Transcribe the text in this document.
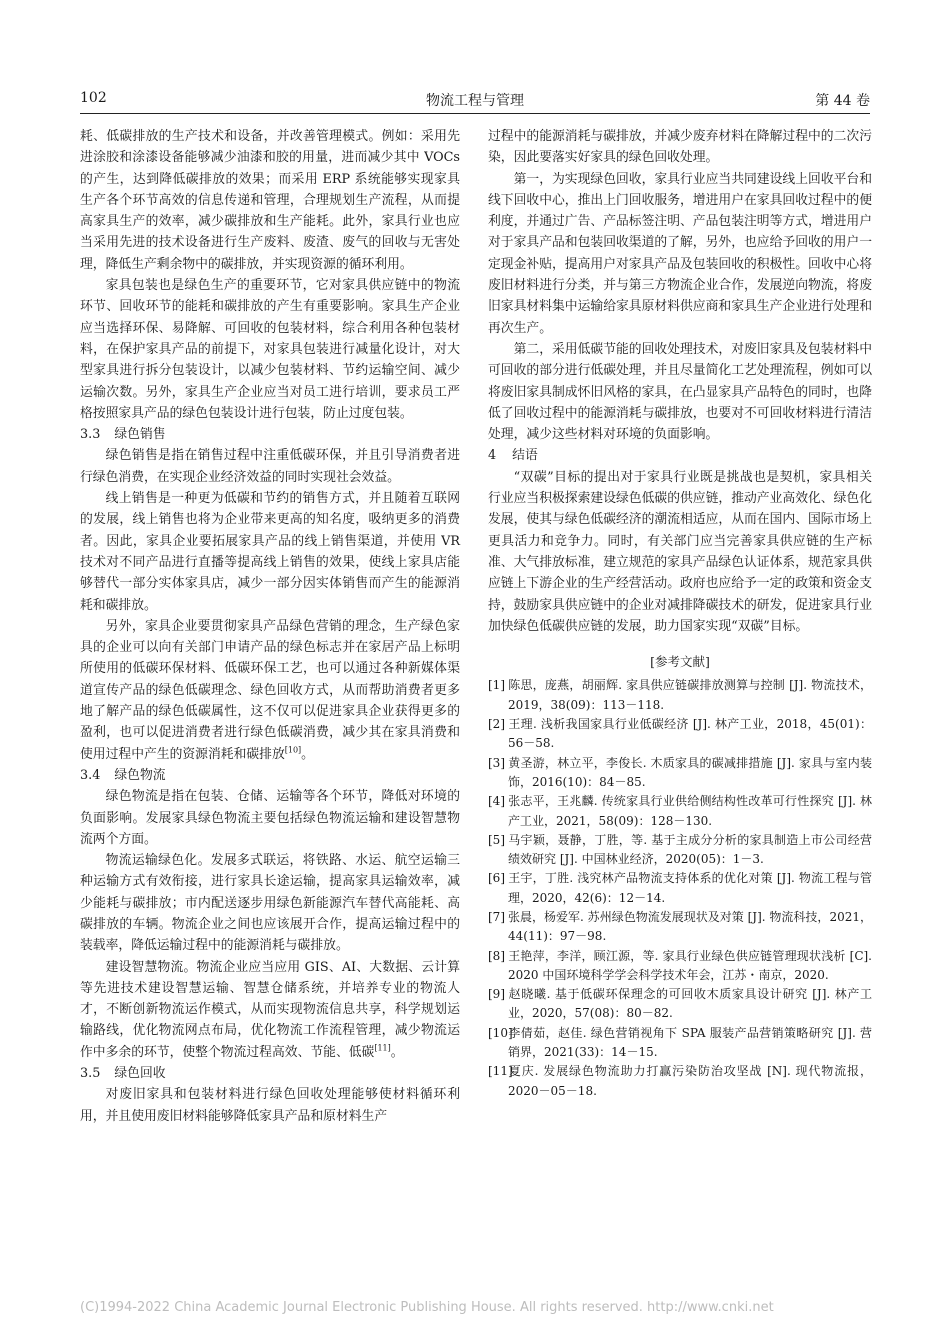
102	物流工程与管理	第 44 卷

耗、低碳排放的生产技术和设备，并改善管理模式。例如：采用先进涂胶和涂漆设备能够减少油漆和胶的用量，进而减少其中 VOCs 的产生，达到降低碳排放的效果；而采用 ERP 系统能够实现家具生产各个环节高效的信息传递和管理，合理规划生产流程，从而提高家具生产的效率，减少碳排放和生产能耗。此外，家具行业也应当采用先进的技术设备进行生产废料、废渣、废气的回收与无害处理，降低生产剩余物中的碳排放，并实现资源的循环利用。

家具包装也是绿色生产的重要环节，它对家具供应链中的物流环节、回收环节的能耗和碳排放的产生有重要影响。家具生产企业应当选择环保、易降解、可回收的包装材料，综合利用各种包装材料，在保护家具产品的前提下，对家具包装进行减量化设计，对大型家具进行拆分包装设计，以减少包装材料、节约运输空间、减少运输次数。另外，家具生产企业应当对员工进行培训，要求员工严格按照家具产品的绿色包装设计进行包装，防止过度包装。

3.3 绿色销售

绿色销售是指在销售过程中注重低碳环保，并且引导消费者进行绿色消费，在实现企业经济效益的同时实现社会效益。

线上销售是一种更为低碳和节约的销售方式，并且随着互联网的发展，线上销售也将为企业带来更高的知名度，吸纳更多的消费者。因此，家具企业要拓展家具产品的线上销售渠道，并使用 VR 技术对不同产品进行直播等提高线上销售的效果，使线上家具店能够替代一部分实体家具店，减少一部分因实体销售而产生的能源消耗和碳排放。

另外，家具企业要贯彻家具产品绿色营销的理念，生产绿色家具的企业可以向有关部门申请产品的绿色标志并在家居产品上标明所使用的低碳环保材料、低碳环保工艺，也可以通过各种新媒体渠道宣传产品的绿色低碳理念、绿色回收方式，从而帮助消费者更多地了解产品的绿色低碳属性，这不仅可以促进家具企业获得更多的盈利，也可以促进消费者进行绿色低碳消费，减少其在家具消费和使用过程中产生的资源消耗和碳排放[10]。

3.4 绿色物流

绿色物流是指在包装、仓储、运输等各个环节，降低对环境的负面影响。发展家具绿色物流主要包括绿色物流运输和建设智慧物流两个方面。

物流运输绿色化。发展多式联运，将铁路、水运、航空运输三种运输方式有效衔接，进行家具长途运输，提高家具运输效率，减少能耗与碳排放；市内配送逐步用绿色新能源汽车替代高能耗、高碳排放的车辆。物流企业之间也应该展开合作，提高运输过程中的装载率，降低运输过程中的能源消耗与碳排放。

建设智慧物流。物流企业应当应用 GIS、AI、大数据、云计算等先进技术建设智慧运输、智慧仓储系统，并培养专业的物流人才，不断创新物流运作模式，从而实现物流信息共享，科学规划运输路线，优化物流网点布局，优化物流工作流程管理，减少物流运作中多余的环节，使整个物流过程高效、节能、低碳[11]。

3.5 绿色回收

对废旧家具和包装材料进行绿色回收处理能够使材料循环利用，并且使用废旧材料能够降低家具产品和原材料生产

过程中的能源消耗与碳排放，并减少废弃材料在降解过程中的二次污染，因此要落实好家具的绿色回收处理。

第一，为实现绿色回收，家具行业应当共同建设线上回收平台和线下回收中心，推出上门回收服务，增进用户在家具回收过程中的便利度，并通过广告、产品标签注明、产品包装注明等方式，增进用户对于家具产品和包装回收渠道的了解，另外，也应给予回收的用户一定现金补贴，提高用户对家具产品及包装回收的积极性。回收中心将废旧材料进行分类，并与第三方物流企业合作，发展逆向物流，将废旧家具材料集中运输给家具原材料供应商和家具生产企业进行处理和再次生产。

第二，采用低碳节能的回收处理技术，对废旧家具及包装材料中可回收的部分进行低碳处理，并且尽量简化工艺处理流程，例如可以将废旧家具制成怀旧风格的家具，在凸显家具产品特色的同时，也降低了回收过程中的能源消耗与碳排放，也要对不可回收材料进行清洁处理，减少这些材料对环境的负面影响。

4 结语

“双碳”目标的提出对于家具行业既是挑战也是契机，家具相关行业应当积极探索建设绿色低碳的供应链，推动产业高效化、绿色化发展，使其与绿色低碳经济的潮流相适应，从而在国内、国际市场上更具活力和竞争力。同时，有关部门应当完善家具供应链的生产标准、大气排放标准，建立规范的家具产品绿色认证体系，规范家具供应链上下游企业的生产经营活动。政府也应给予一定的政策和资金支持，鼓励家具供应链中的企业对减排降碳技术的研发，促进家具行业加快绿色低碳供应链的发展，助力国家实现“双碳”目标。

[参考文献]

[1] 陈思，庞燕，胡丽辉. 家具供应链碳排放测算与控制 [J]. 物流技术，2019，38(09)：113－118.

[2] 王理. 浅析我国家具行业低碳经济 [J]. 林产工业，2018，45(01)：56－58.

[3] 黄圣游，林立平，李俊长. 木质家具的碳减排措施 [J]. 家具与室内装饰，2016(10)：84－85.

[4] 张志平，王兆麟. 传统家具行业供给侧结构性改革可行性探究 [J]. 林产工业，2021，58(09)：128－130.

[5] 马宇颖，聂静，丁胜，等. 基于主成分分析的家具制造上市公司经营绩效研究 [J]. 中国林业经济，2020(05)：1－3.

[6] 王宇，丁胜. 浅究林产品物流支持体系的优化对策 [J]. 物流工程与管理，2020，42(6)：12－14.

[7] 张晨，杨爱军. 苏州绿色物流发展现状及对策 [J]. 物流科技，2021，44(11)：97－98.

[8] 王艳萍，李洋，顾江源，等. 家具行业绿色供应链管理现状浅析 [C]. 2020 中国环境科学学会科学技术年会，江苏・南京，2020.

[9] 赵晓曦. 基于低碳环保理念的可回收木质家具设计研究 [J]. 林产工业，2020，57(08)：80－82.

[10]李倩茹，赵佳. 绿色营销视角下 SPA 服装产品营销策略研究 [J]. 营销界，2021(33)：14－15.

[11]夏庆. 发展绿色物流助力打赢污染防治攻坚战 [N]. 现代物流报，2020－05－18.

(C)1994-2022 China Academic Journal Electronic Publishing House. All rights reserved. http://www.cnki.net
